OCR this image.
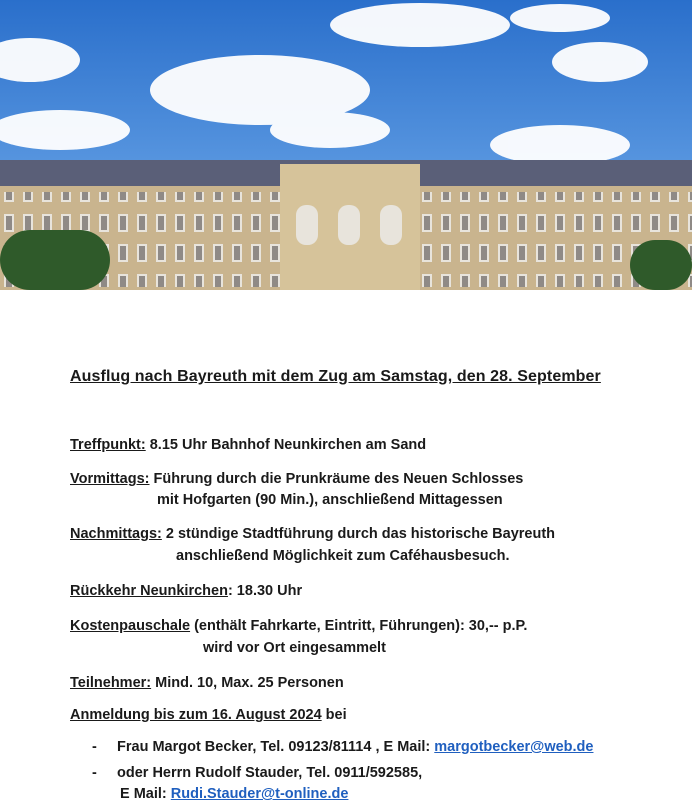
Ausflug nach Bayreuth mit dem Zug am Samstag, den 28. September
Treffpunkt: 8.15 Uhr Bahnhof Neunkirchen am Sand
Vormittags: Führung durch die Prunkräume des Neuen Schlosses
mit Hofgarten (90 Min.), anschließend Mittagessen
Nachmittags: 2 stündige Stadtführung durch das historische Bayreuth
anschließend Möglichkeit zum Caféhausbesuch.
Rückkehr Neunkirchen: 18.30 Uhr
Kostenpauschale (enthält Fahrkarte, Eintritt, Führungen): 30,-- p.P.
wird vor Ort eingesammelt
Teilnehmer: Mind. 10, Max. 25 Personen
Anmeldung bis zum 16. August 2024 bei
- Frau Margot Becker, Tel. 09123/81114 , E Mail: margotbecker@web.de
- oder Herrn Rudolf Stauder, Tel. 0911/592585,
E Mail: Rudi.Stauder@t-online.de
